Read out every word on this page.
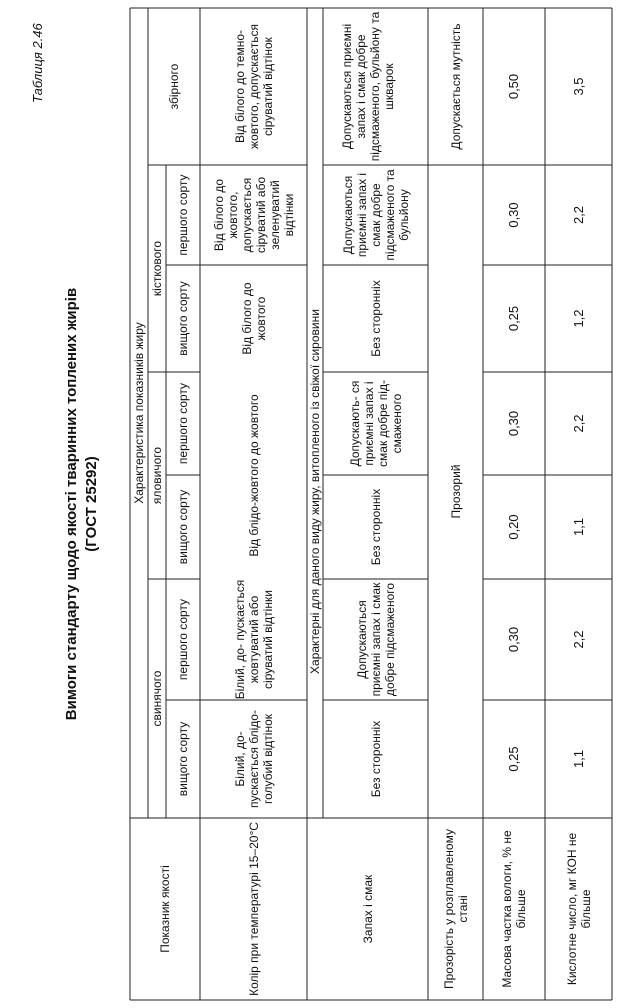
Таблиця 2.46
Вимоги стандарту щодо якості тваринних топлених жирів (ГОСТ 25292)
Показник якості
Характеристика показників жиру
свинячого
яловичого
кісткового
збірного
вищого сорту
першого сорту
вищого сорту
першого сорту
вищого сорту
першого сорту
Колір при температурі 15–20°С
Білий, до- пускається блідо- голубий відтінок
Білий, до- пускається жовтуватий або сіруватий відтінки
Від блідо-жовтого до жовтого
Від білого до жовтого
Від білого до жовтого, допускається сіруватий або зеленуватий відтінки
Від білого до темно- жовтого, допускається сіруватий відтінок
Характерні для даного виду жиру, витопленого із свіжої сировини
Запах і смак
Без сторонніх
Допускаються приємні запах і смак добре підсмаженого
Без сторонніх
Допускають- ся приємні запах і смак добре під- смаженого
Без сторонніх
Допускаються приємні запах і смак добре підсмаженого та бульйону
Допускаються приємні запах і смак добре підсмаженого, бульйону та шкварок
Прозорість у розплавленому стані
Прозорий
Допускається мутність
Масова частка вологи, % не більше
0,25
0,30
0,20
0,30
0,25
0,30
0,50
Кислотне число, мг КОН не більше
1,1
2,2
1,1
2,2
1,2
2,2
3,5
